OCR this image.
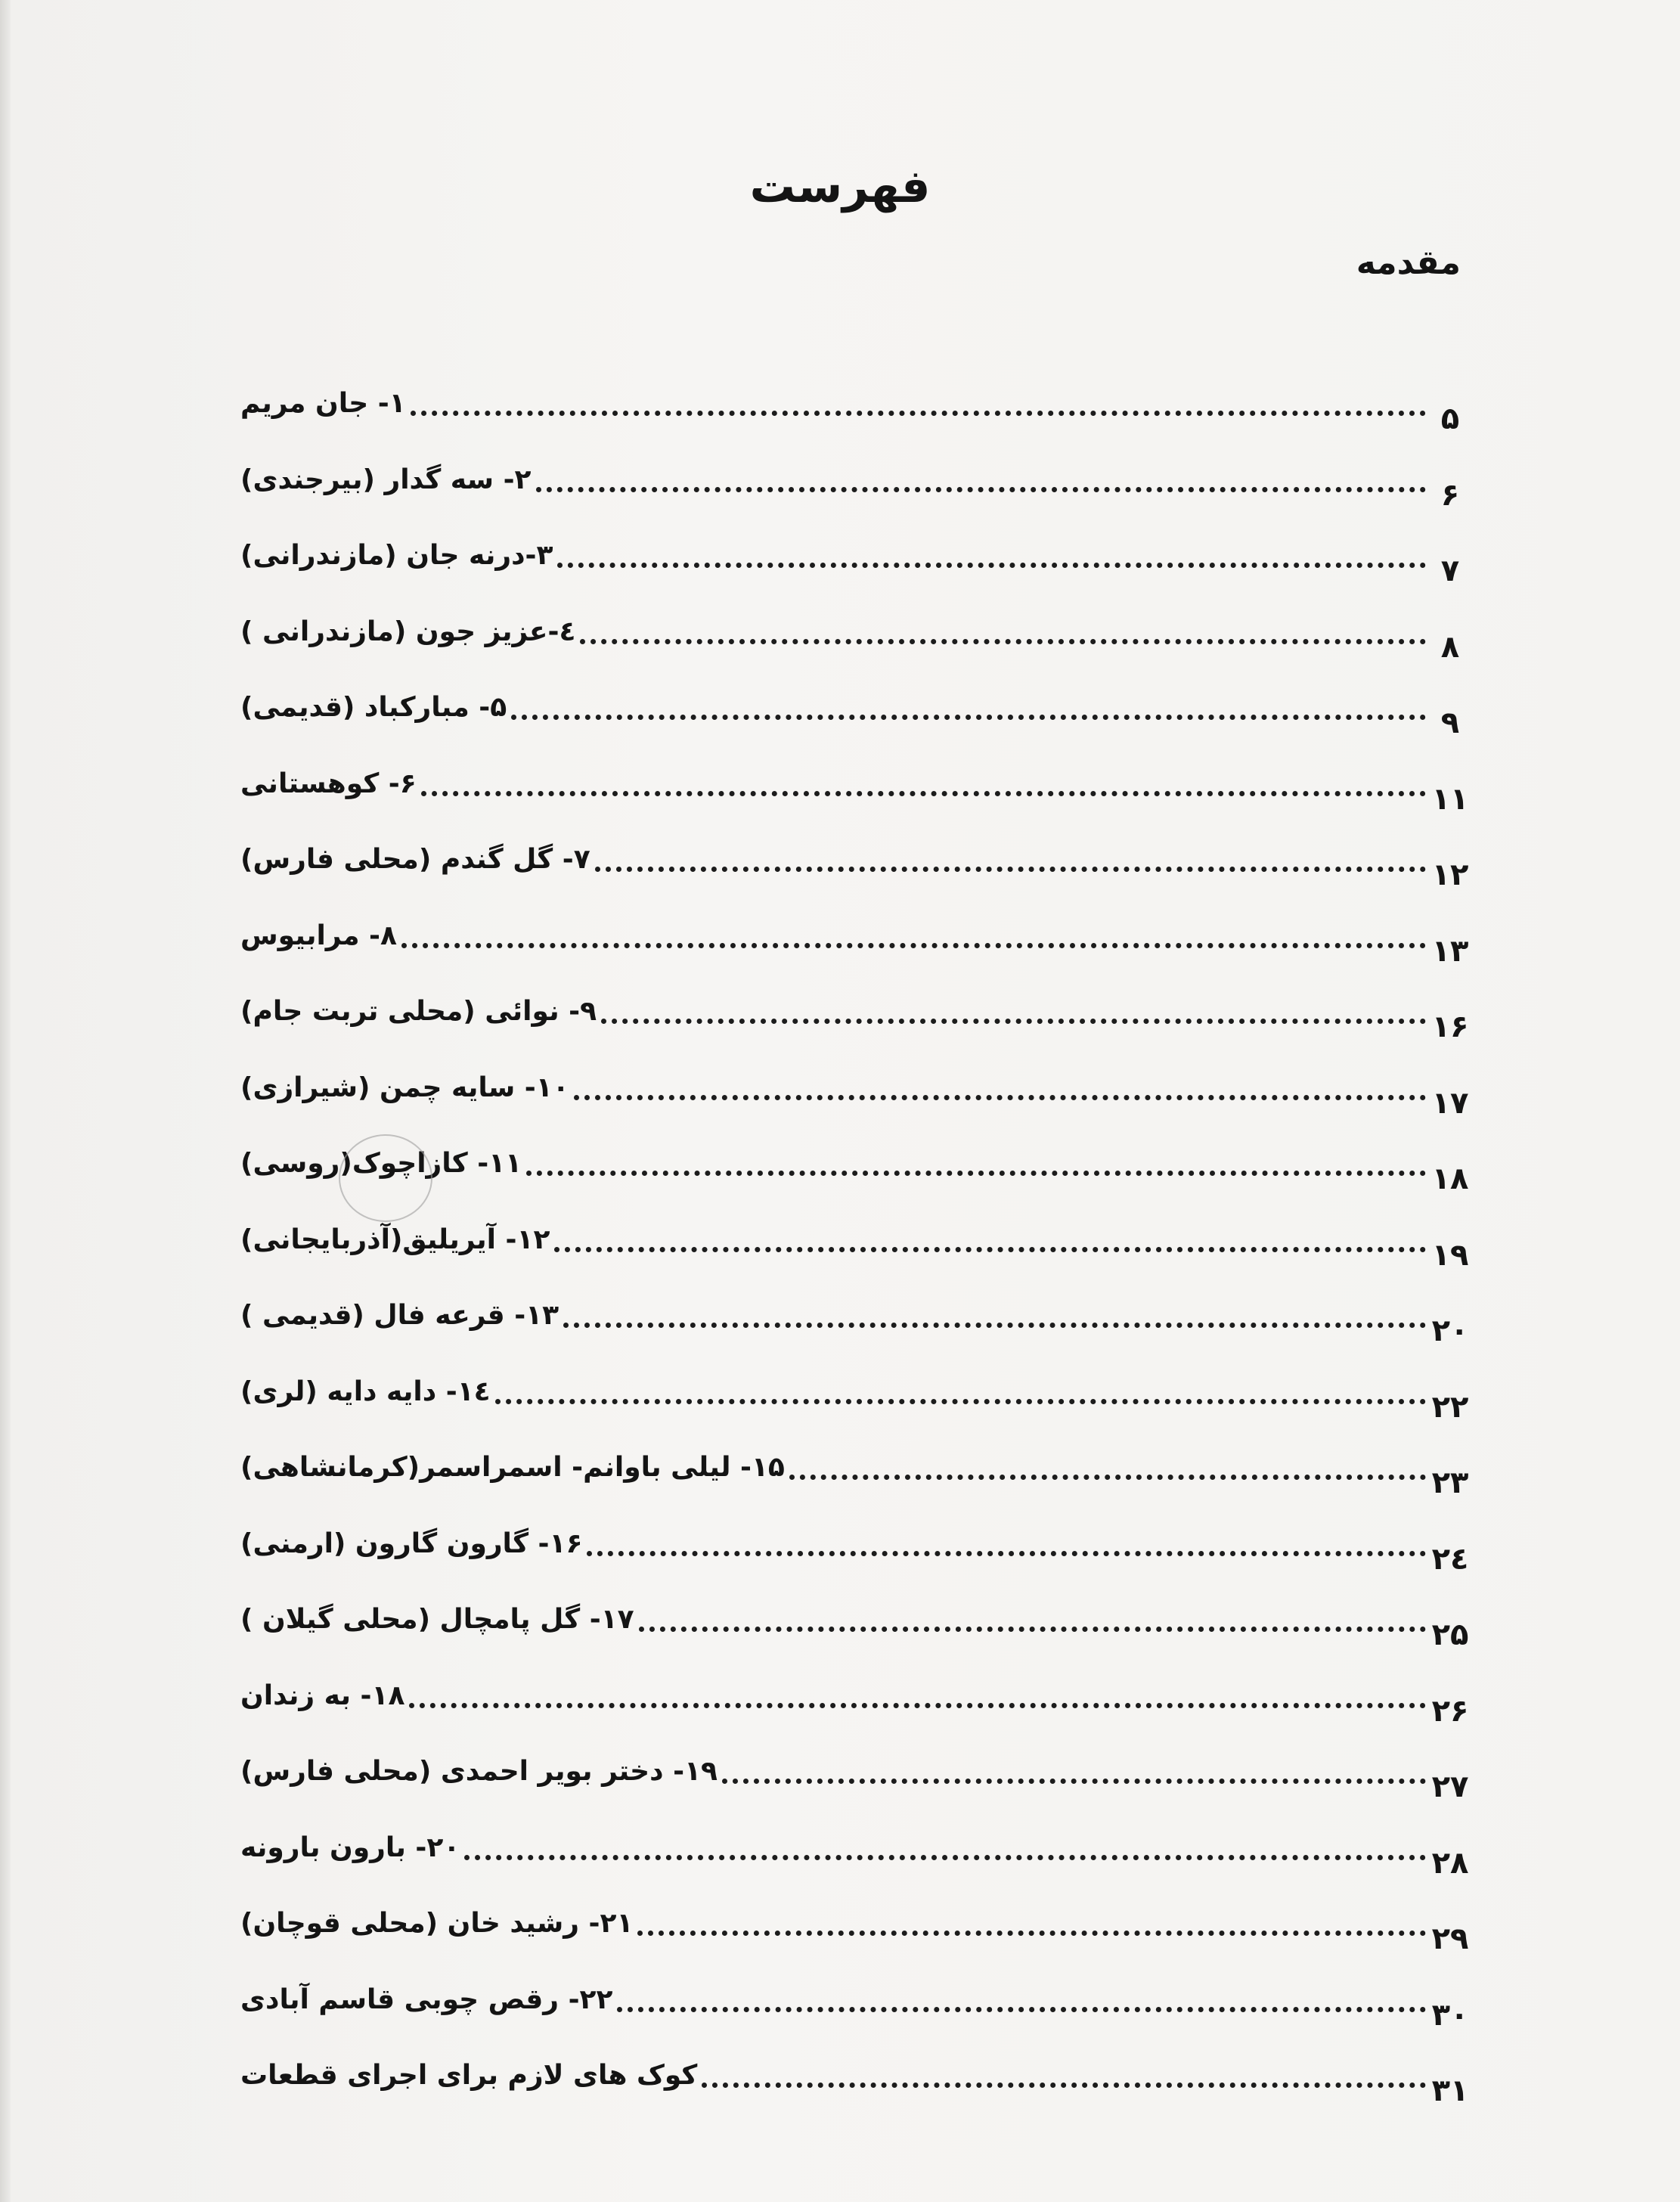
فهرست
مقدمه
۱- جان مریم	۵
۲- سه گدار (بیرجندی)	۶
۳-درنه جان (مازندرانی)	۷
٤-عزیز جون (مازندرانی )	۸
۵- مبارکباد (قدیمی)	۹
۶- کوهستانی	۱۱
۷- گل گندم (محلی فارس)	۱۲
۸- مرابیوس	۱۳
۹- نوائی (محلی تربت جام)	۱۶
۱۰- سایه چمن (شیرازی)	۱۷
۱۱- کازاچوک(روسی)	۱۸
۱۲- آیریلیق(آذربایجانی)	۱۹
۱۳- قرعه فال (قدیمی )	۲۰
۱٤- دایه دایه (لری)	۲۲
۱۵- لیلی باوانم- اسمراسمر(کرمانشاهی)	۲۳
۱۶- گارون گارون (ارمنی)	۲٤
۱۷- گل پامچال (محلی گیلان )	۲۵
۱۸- به زندان	۲۶
۱۹- دختر بویر احمدی (محلی فارس)	۲۷
۲۰- بارون بارونه	۲۸
۲۱- رشید خان (محلی قوچان)	۲۹
۲۲- رقص چوبی قاسم آبادی	۳۰
کوک های لازم برای اجرای قطعات	۳۱
